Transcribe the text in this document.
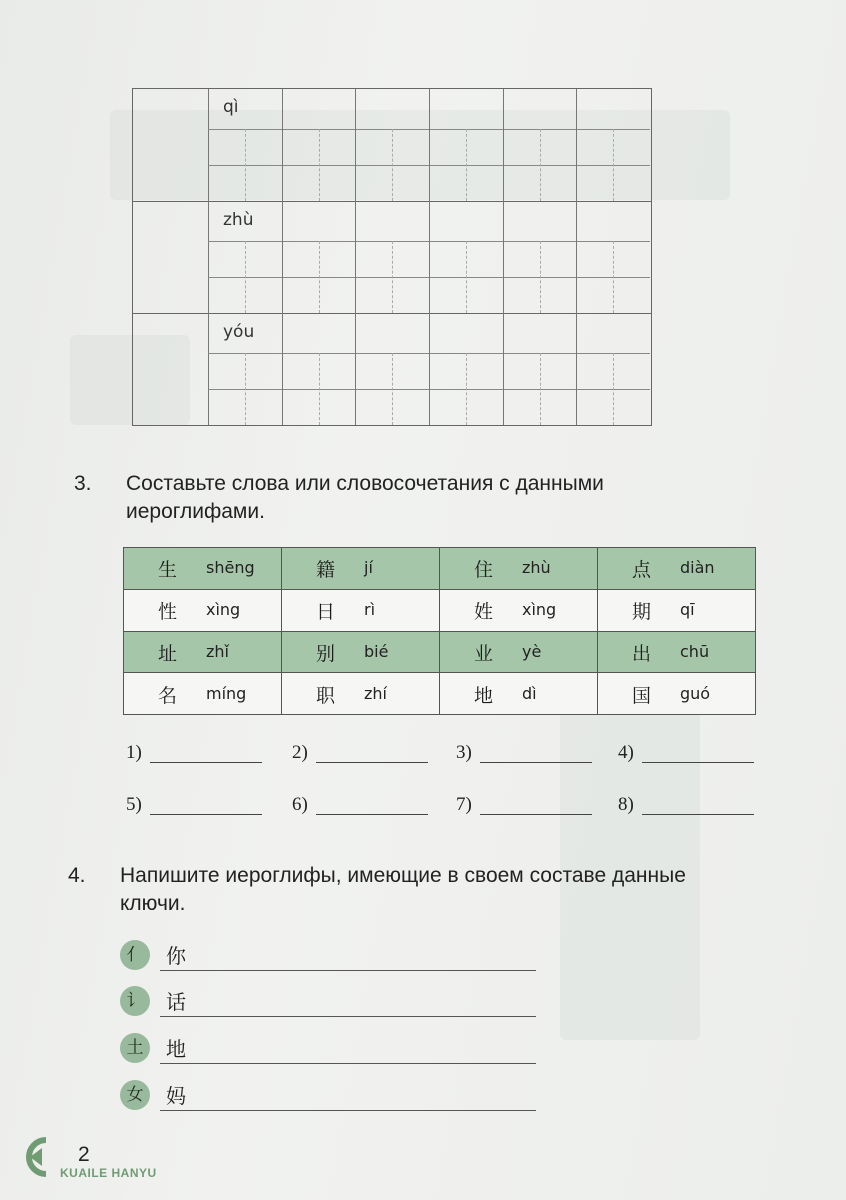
qì
zhù
yóu
3. Составьте слова или словосочетания с данными иероглифами.
生 shēng	籍 jí	住 zhù	点 diàn

性 xìng	日 rì	姓 xìng	期 qī

址 zhǐ	别 bié	业 yè	出 chū

名 míng	职 zhí	地 dì	国 guó
1)	2)	3)	4)
5)	6)	7)	8)
4. Напишите иероглифы, имеющие в своем составе данные ключи.
亻	你
讠	话
土	地
女	妈
2
KUAILE HANYU
